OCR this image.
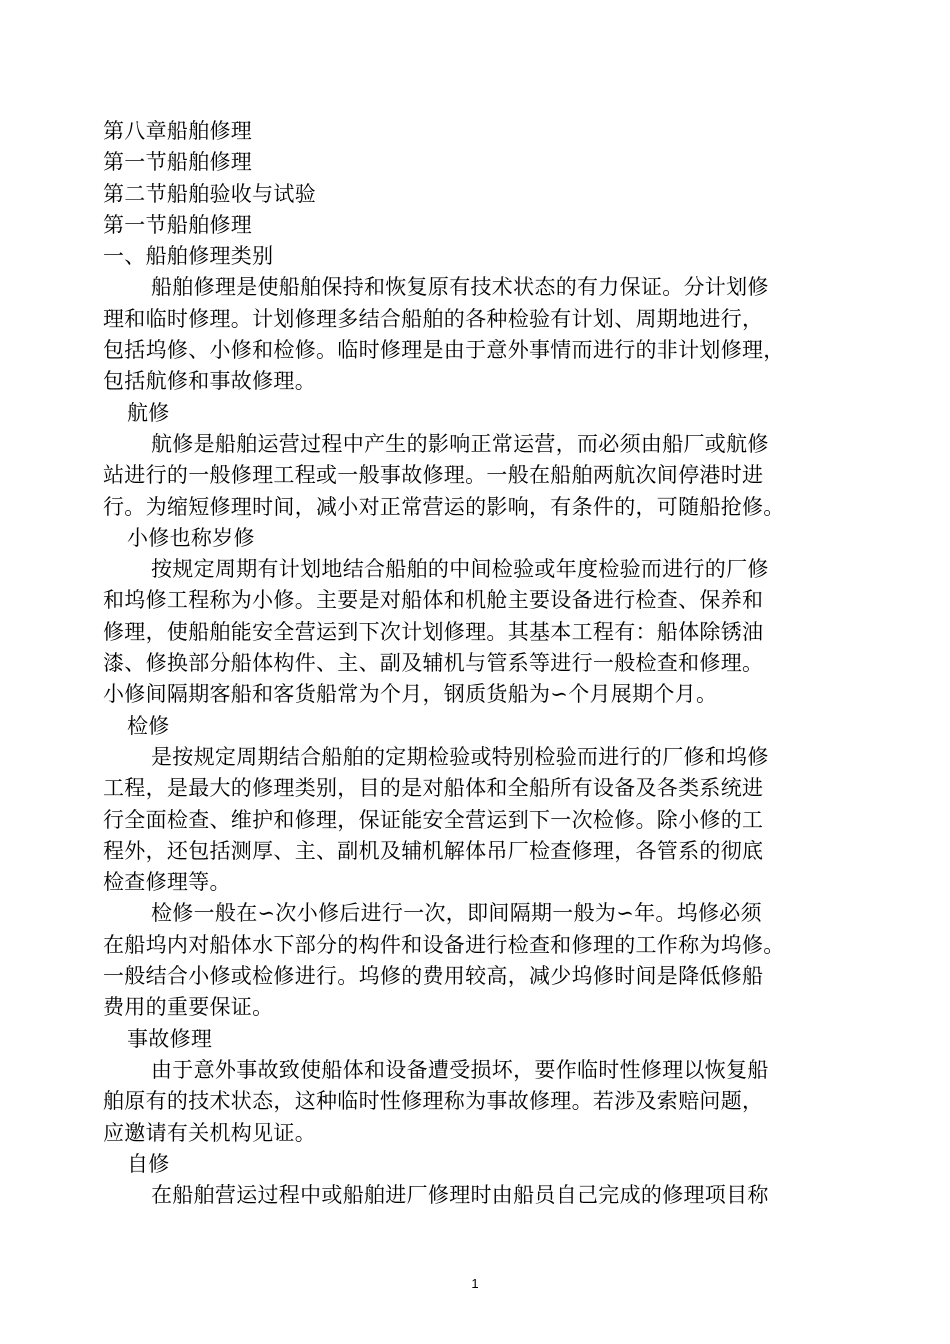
第八章船舶修理
第一节船舶修理
第二节船舶验收与试验
第一节船舶修理
一、船舶修理类别
船舶修理是使船舶保持和恢复原有技术状态的有力保证。分计划修
理和临时修理。计划修理多结合船舶的各种检验有计划、周期地进行，
包括坞修、小修和检修。临时修理是由于意外事情而进行的非计划修理，
包括航修和事故修理。
航修
航修是船舶运营过程中产生的影响正常运营，而必须由船厂或航修
站进行的一般修理工程或一般事故修理。一般在船舶两航次间停港时进
行。为缩短修理时间，减小对正常营运的影响，有条件的，可随船抢修。
小修也称岁修
按规定周期有计划地结合船舶的中间检验或年度检验而进行的厂修
和坞修工程称为小修。主要是对船体和机舱主要设备进行检查、保养和
修理，使船舶能安全营运到下次计划修理。其基本工程有：船体除锈油
漆、修换部分船体构件、主、副及辅机与管系等进行一般检查和修理。
小修间隔期客船和客货船常为个月，钢质货船为∽个月展期个月。
检修
是按规定周期结合船舶的定期检验或特别检验而进行的厂修和坞修
工程，是最大的修理类别，目的是对船体和全船所有设备及各类系统进
行全面检查、维护和修理，保证能安全营运到下一次检修。除小修的工
程外，还包括测厚、主、副机及辅机解体吊厂检查修理，各管系的彻底
检查修理等。
检修一般在∽次小修后进行一次，即间隔期一般为∽年。坞修必须
在船坞内对船体水下部分的构件和设备进行检查和修理的工作称为坞修。
一般结合小修或检修进行。坞修的费用较高，减少坞修时间是降低修船
费用的重要保证。
事故修理
由于意外事故致使船体和设备遭受损坏，要作临时性修理以恢复船
舶原有的技术状态，这种临时性修理称为事故修理。若涉及索赔问题，
应邀请有关机构见证。
自修
在船舶营运过程中或船舶进厂修理时由船员自己完成的修理项目称
1
